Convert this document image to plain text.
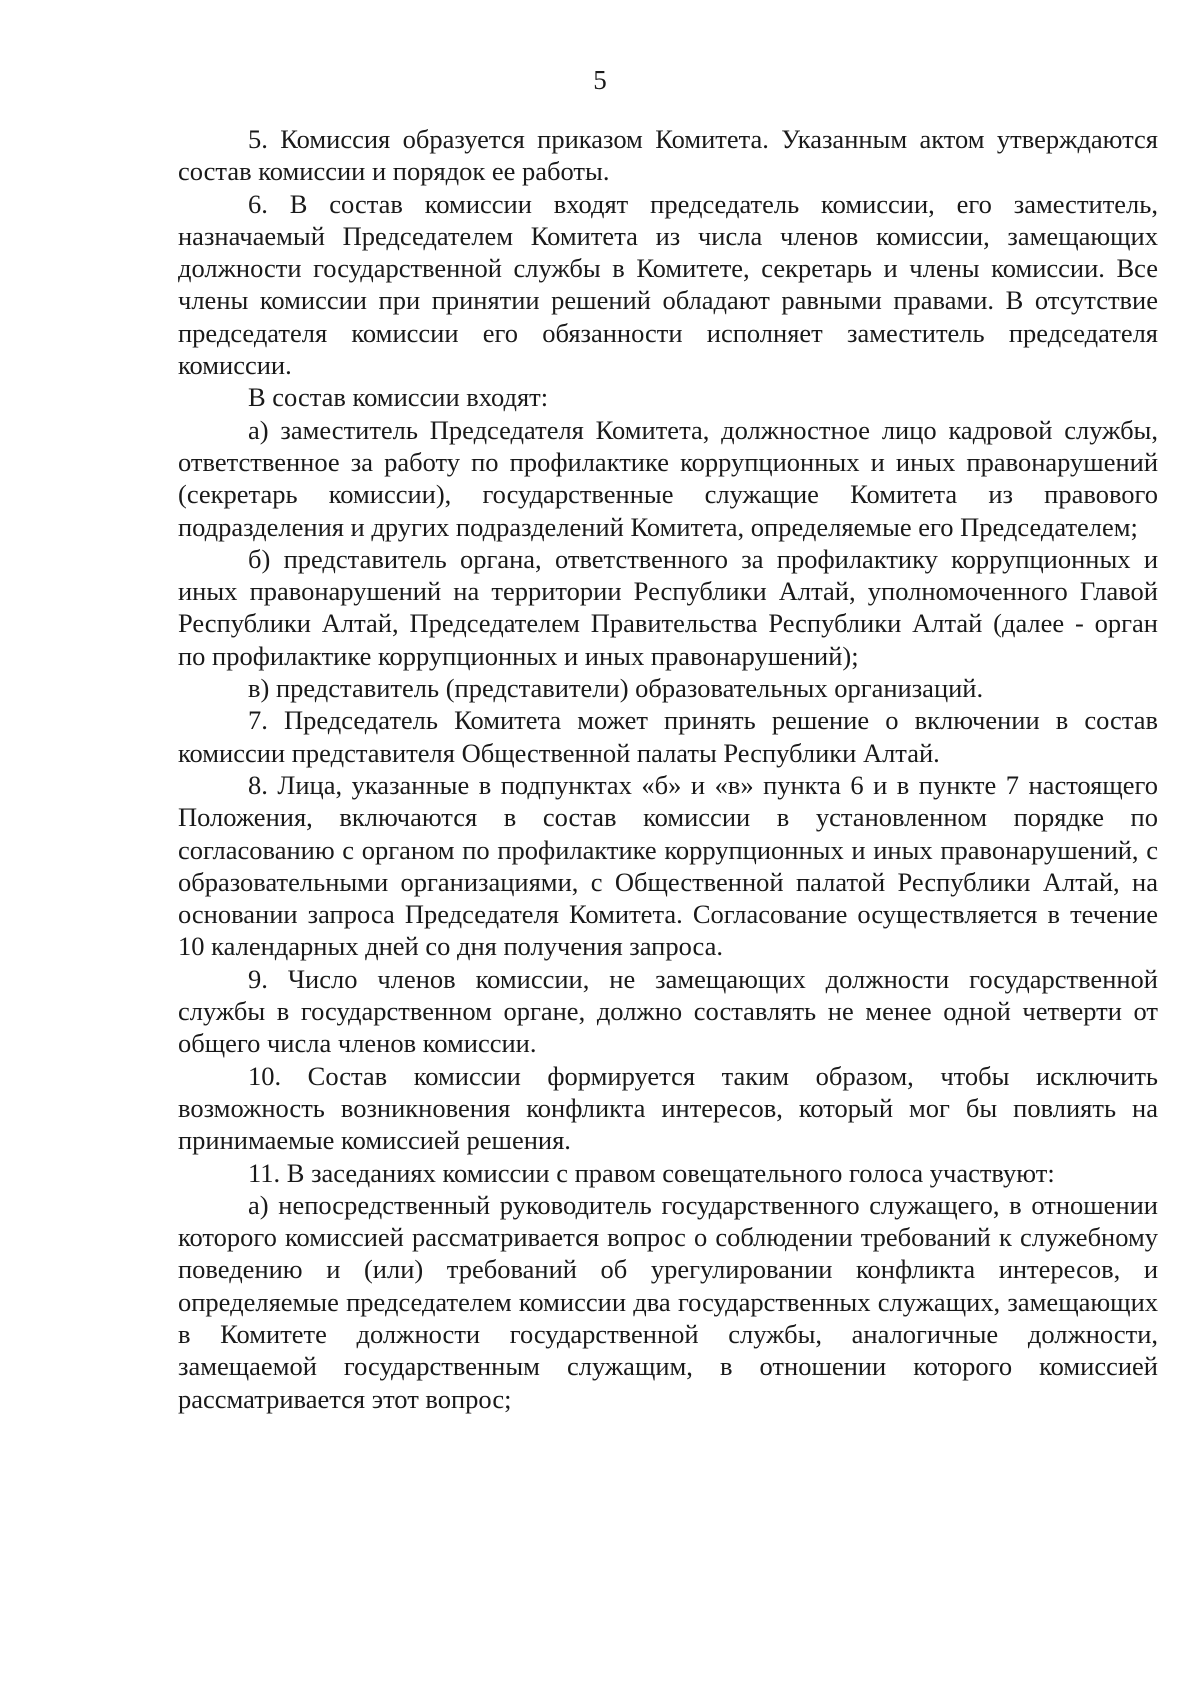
5

5. Комиссия образуется приказом Комитета. Указанным актом утверждаются состав комиссии и порядок ее работы.

6. В состав комиссии входят председатель комиссии, его заместитель, назначаемый Председателем Комитета из числа членов комиссии, замещающих должности государственной службы в Комитете, секретарь и члены комиссии. Все члены комиссии при принятии решений обладают равными правами. В отсутствие председателя комиссии его обязанности исполняет заместитель председателя комиссии.

В состав комиссии входят:

а) заместитель Председателя Комитета, должностное лицо кадровой службы, ответственное за работу по профилактике коррупционных и иных правонарушений (секретарь комиссии), государственные служащие Комитета из правового подразделения и других подразделений Комитета, определяемые его Председателем;

б) представитель органа, ответственного за профилактику коррупционных и иных правонарушений на территории Республики Алтай, уполномоченного Главой Республики Алтай, Председателем Правительства Республики Алтай (далее - орган по профилактике коррупционных и иных правонарушений);

в) представитель (представители) образовательных организаций.

7. Председатель Комитета может принять решение о включении в состав комиссии представителя Общественной палаты Республики Алтай.

8. Лица, указанные в подпунктах «б» и «в» пункта 6 и в пункте 7 настоящего Положения, включаются в состав комиссии в установленном порядке по согласованию с органом по профилактике коррупционных и иных правонарушений, с образовательными организациями, с Общественной палатой Республики Алтай, на основании запроса Председателя Комитета. Согласование осуществляется в течение 10 календарных дней со дня получения запроса.

9. Число членов комиссии, не замещающих должности государственной службы в государственном органе, должно составлять не менее одной четверти от общего числа членов комиссии.

10. Состав комиссии формируется таким образом, чтобы исключить возможность возникновения конфликта интересов, который мог бы повлиять на принимаемые комиссией решения.

11. В заседаниях комиссии с правом совещательного голоса участвуют:

а) непосредственный руководитель государственного служащего, в отношении которого комиссией рассматривается вопрос о соблюдении требований к служебному поведению и (или) требований об урегулировании конфликта интересов, и определяемые председателем комиссии два государственных служащих, замещающих в Комитете должности государственной службы, аналогичные должности, замещаемой государственным служащим, в отношении которого комиссией рассматривается этот вопрос;
